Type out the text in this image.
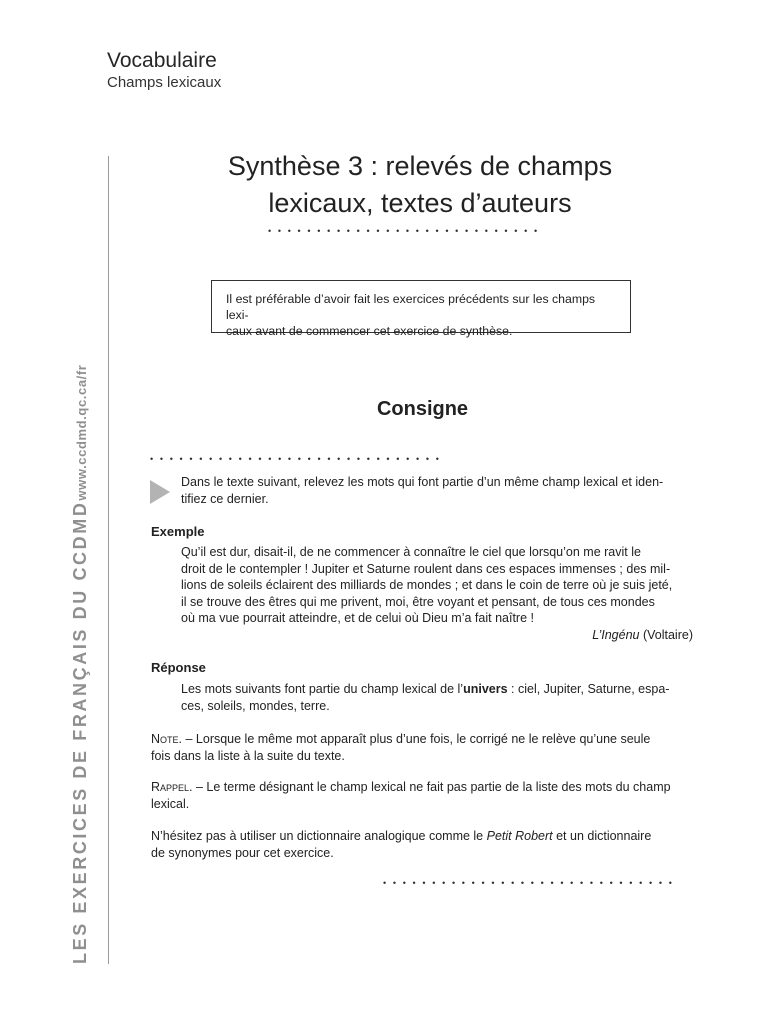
Vocabulaire
Champs lexicaux
LES EXERCICES DE FRANÇAIS DU CCDMD
www.ccdmd.qc.ca/fr
Synthèse 3 : relevés de champs
lexicaux, textes d’auteurs
• • • • • • • • • • • • • • • • • • • • • • • • • • • •
Il est préférable d’avoir fait les exercices précédents sur les champs lexi-
caux avant de commencer cet exercice de synthèse.
Consigne
• • • • • • • • • • • • • • • • • • • • • • • • • • • • • •
Dans le texte suivant, relevez les mots qui font partie d’un même champ lexical et iden-
tifiez ce dernier.
Exemple
Qu’il est dur, disait-il, de ne commencer à connaître le ciel que lorsqu’on me ravit le
droit de le contempler ! Jupiter et Saturne roulent dans ces espaces immenses ; des mil-
lions de soleils éclairent des milliards de mondes ; et dans le coin de terre où je suis jeté,
il se trouve des êtres qui me privent, moi, être voyant et pensant, de tous ces mondes
où ma vue pourrait atteindre, et de celui où Dieu m’a fait naître !
L’Ingénu (Voltaire)
Réponse
Les mots suivants font partie du champ lexical de l’univers : ciel, Jupiter, Saturne, espa-
ces, soleils, mondes, terre.
Note. – Lorsque le même mot apparaît plus d’une fois, le corrigé ne le relève qu’une seule
fois dans la liste à la suite du texte.
Rappel. – Le terme désignant le champ lexical ne fait pas partie de la liste des mots du champ
lexical.
N’hésitez pas à utiliser un dictionnaire analogique comme le Petit Robert et un dictionnaire
de synonymes pour cet exercice.
• • • • • • • • • • • • • • • • • • • • • • • • • • • • • •
